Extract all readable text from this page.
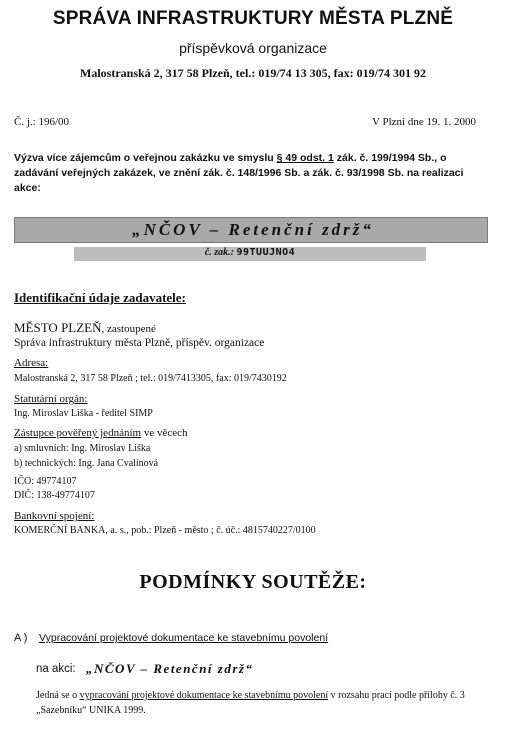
SPRÁVA INFRASTRUKTURY MĚSTA PLZNĚ
příspěvková organizace
Malostranská 2, 317 58 Plzeň, tel.: 019/74 13 305, fax: 019/74 301 92
Č. j.: 196/00	V Plzni dne 19. 1. 2000
Výzva více zájemcům o veřejnou zakázku ve smyslu § 49 odst. 1 zák. č. 199/1994 Sb., o zadávání veřejných zakázek, ve znění zák. č. 148/1996 Sb. a zák. č. 93/1998 Sb. na realizaci akce:
„NČOV – Retenční zdrž“
č. zak.: 99TUUJNO4
Identifikační údaje zadavatele:
MĚSTO PLZEŇ, zastoupené
Správa infrastruktury města Plzně, příspěv. organizace
Adresa:
Malostranská 2, 317 58 Plzeň ; tel.: 019/7413305, fax: 019/7430192
Statutární orgán:
Ing. Miroslav Liška - ředitel SIMP
Zástupce pověřený jednáním ve věcech
a) smluvních: Ing. Miroslav Liška
b) technických: Ing. Jana Cvalínová
IČO: 49774107
DIČ: 138-49774107
Bankovní spojení:
KOMERČNÍ BANKA, a. s., pob.: Plzeň - město ; č. úč.: 4815740227/0100
PODMÍNKY SOUTĚŽE:
A ) Vypracování projektové dokumentace ke stavebnímu povolení
na akci: „NČOV – Retenční zdrž“
Jedná se o vypracování projektové dokumentace ke stavebnímu povolení v rozsahu prací podle přílohy č. 3 „Sazebníku“ UNIKA 1999.
